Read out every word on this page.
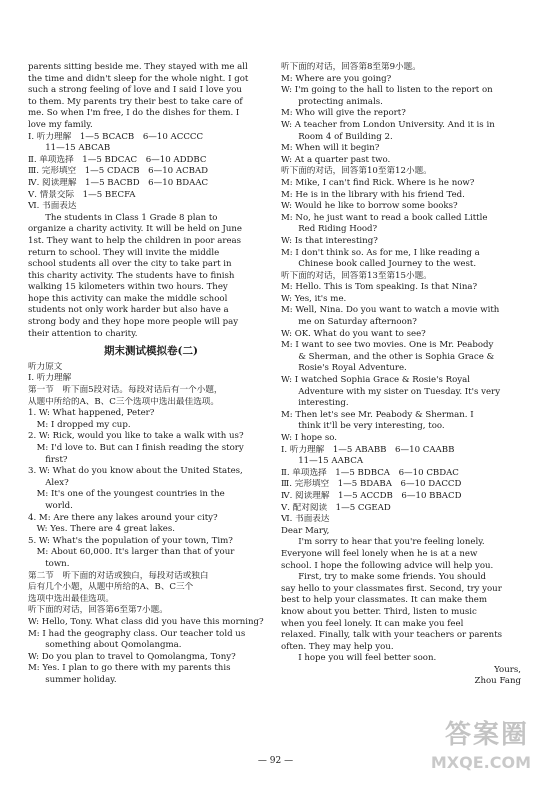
parents sitting beside me. They stayed with me all
the time and didn't sleep for the whole night. I got
such a strong feeling of love and I said I love you
to them. My parents try their best to take care of
me. So when I'm free, I do the dishes for them. I
love my family.
Ⅰ. 听力理解　1—5 BCACB　6—10 ACCCC
　　11—15 ABCAB
Ⅱ. 单项选择　1—5 BDCAC　6—10 ADDBC
Ⅲ. 完形填空　1—5 CDACB　6—10 ACBAD
Ⅳ. 阅读理解　1—5 BACBD　6—10 BDAAC
Ⅴ. 情景交际　1—5 BECFA
Ⅵ. 书面表达
　　The students in Class 1 Grade 8 plan to
organize a charity activity. It will be held on June
1st. They want to help the children in poor areas
return to school. They will invite the middle
school students all over the city to take part in
this charity activity. The students have to finish
walking 15 kilometers within two hours. They
hope this activity can make the middle school
students not only work harder but also have a
strong body and they hope more people will pay
their attention to charity.
期末测试模拟卷(二)
听力原文
Ⅰ. 听力理解
第一节　听下面5段对话。每段对话后有一个小题，
从题中所给的A、B、C三个选项中选出最佳选项。
1. W: What happened, Peter?
　M: I dropped my cup.
2. W: Rick, would you like to take a walk with us?
　M: I'd love to. But can I finish reading the story
　　first?
3. W: What do you know about the United States,
　　Alex?
　M: It's one of the youngest countries in the
　　world.
4. M: Are there any lakes around your city?
　W: Yes. There are 4 great lakes.
5. W: What's the population of your town, Tim?
　M: About 60,000. It's larger than that of your
　　town.
第二节　听下面的对话或独白，每段对话或独白
后有几个小题，从题中所给的A、B、C三个
选项中选出最佳选项。
听下面的对话，回答第6至第7小题。
W: Hello, Tony. What class did you have this morning?
M: I had the geography class. Our teacher told us
　　something about Qomolangma.
W: Do you plan to travel to Qomolangma, Tony?
M: Yes. I plan to go there with my parents this
　　summer holiday.
听下面的对话，回答第8至第9小题。
M: Where are you going?
W: I'm going to the hall to listen to the report on
　　protecting animals.
M: Who will give the report?
W: A teacher from London University. And it is in
　　Room 4 of Building 2.
M: When will it begin?
W: At a quarter past two.
听下面的对话，回答第10至第12小题。
M: Mike, I can't find Rick. Where is he now?
M: He is in the library with his friend Ted.
W: Would he like to borrow some books?
M: No, he just want to read a book called Little
　　Red Riding Hood?
W: Is that interesting?
M: I don't think so. As for me, I like reading a
　　Chinese book called Journey to the west.
听下面的对话，回答第13至第15小题。
M: Hello. This is Tom speaking. Is that Nina?
W: Yes, it's me.
M: Well, Nina. Do you want to watch a movie with
　　me on Saturday afternoon?
W: OK. What do you want to see?
M: I want to see two movies. One is Mr. Peabody
　　& Sherman, and the other is Sophia Grace &
　　Rosie's Royal Adventure.
W: I watched Sophia Grace & Rosie's Royal
　　Adventure with my sister on Tuesday. It's very
　　interesting.
M: Then let's see Mr. Peabody & Sherman. I
　　think it'll be very interesting, too.
W: I hope so.
Ⅰ. 听力理解　1—5 ABABB　6—10 CAABB
　　11—15 AABCA
Ⅱ. 单项选择　1—5 BDBCA　6—10 CBDAC
Ⅲ. 完形填空　1—5 BDABA　6—10 DACCD
Ⅳ. 阅读理解　1—5 ACCDB　6—10 BBACD
Ⅴ. 配对阅读　1—5 CGEAD
Ⅵ. 书面表达
Dear Mary,
　　I'm sorry to hear that you're feeling lonely.
Everyone will feel lonely when he is at a new
school. I hope the following advice will help you.
　　First, try to make some friends. You should
say hello to your classmates first. Second, try your
best to help your classmates. It can make them
know about you better. Third, listen to music
when you feel lonely. It can make you feel
relaxed. Finally, talk with your teachers or parents
often. They may help you.
　　I hope you will feel better soon.
Yours,
Zhou Fang
— 92 —
答案圈
MXQE.COM
